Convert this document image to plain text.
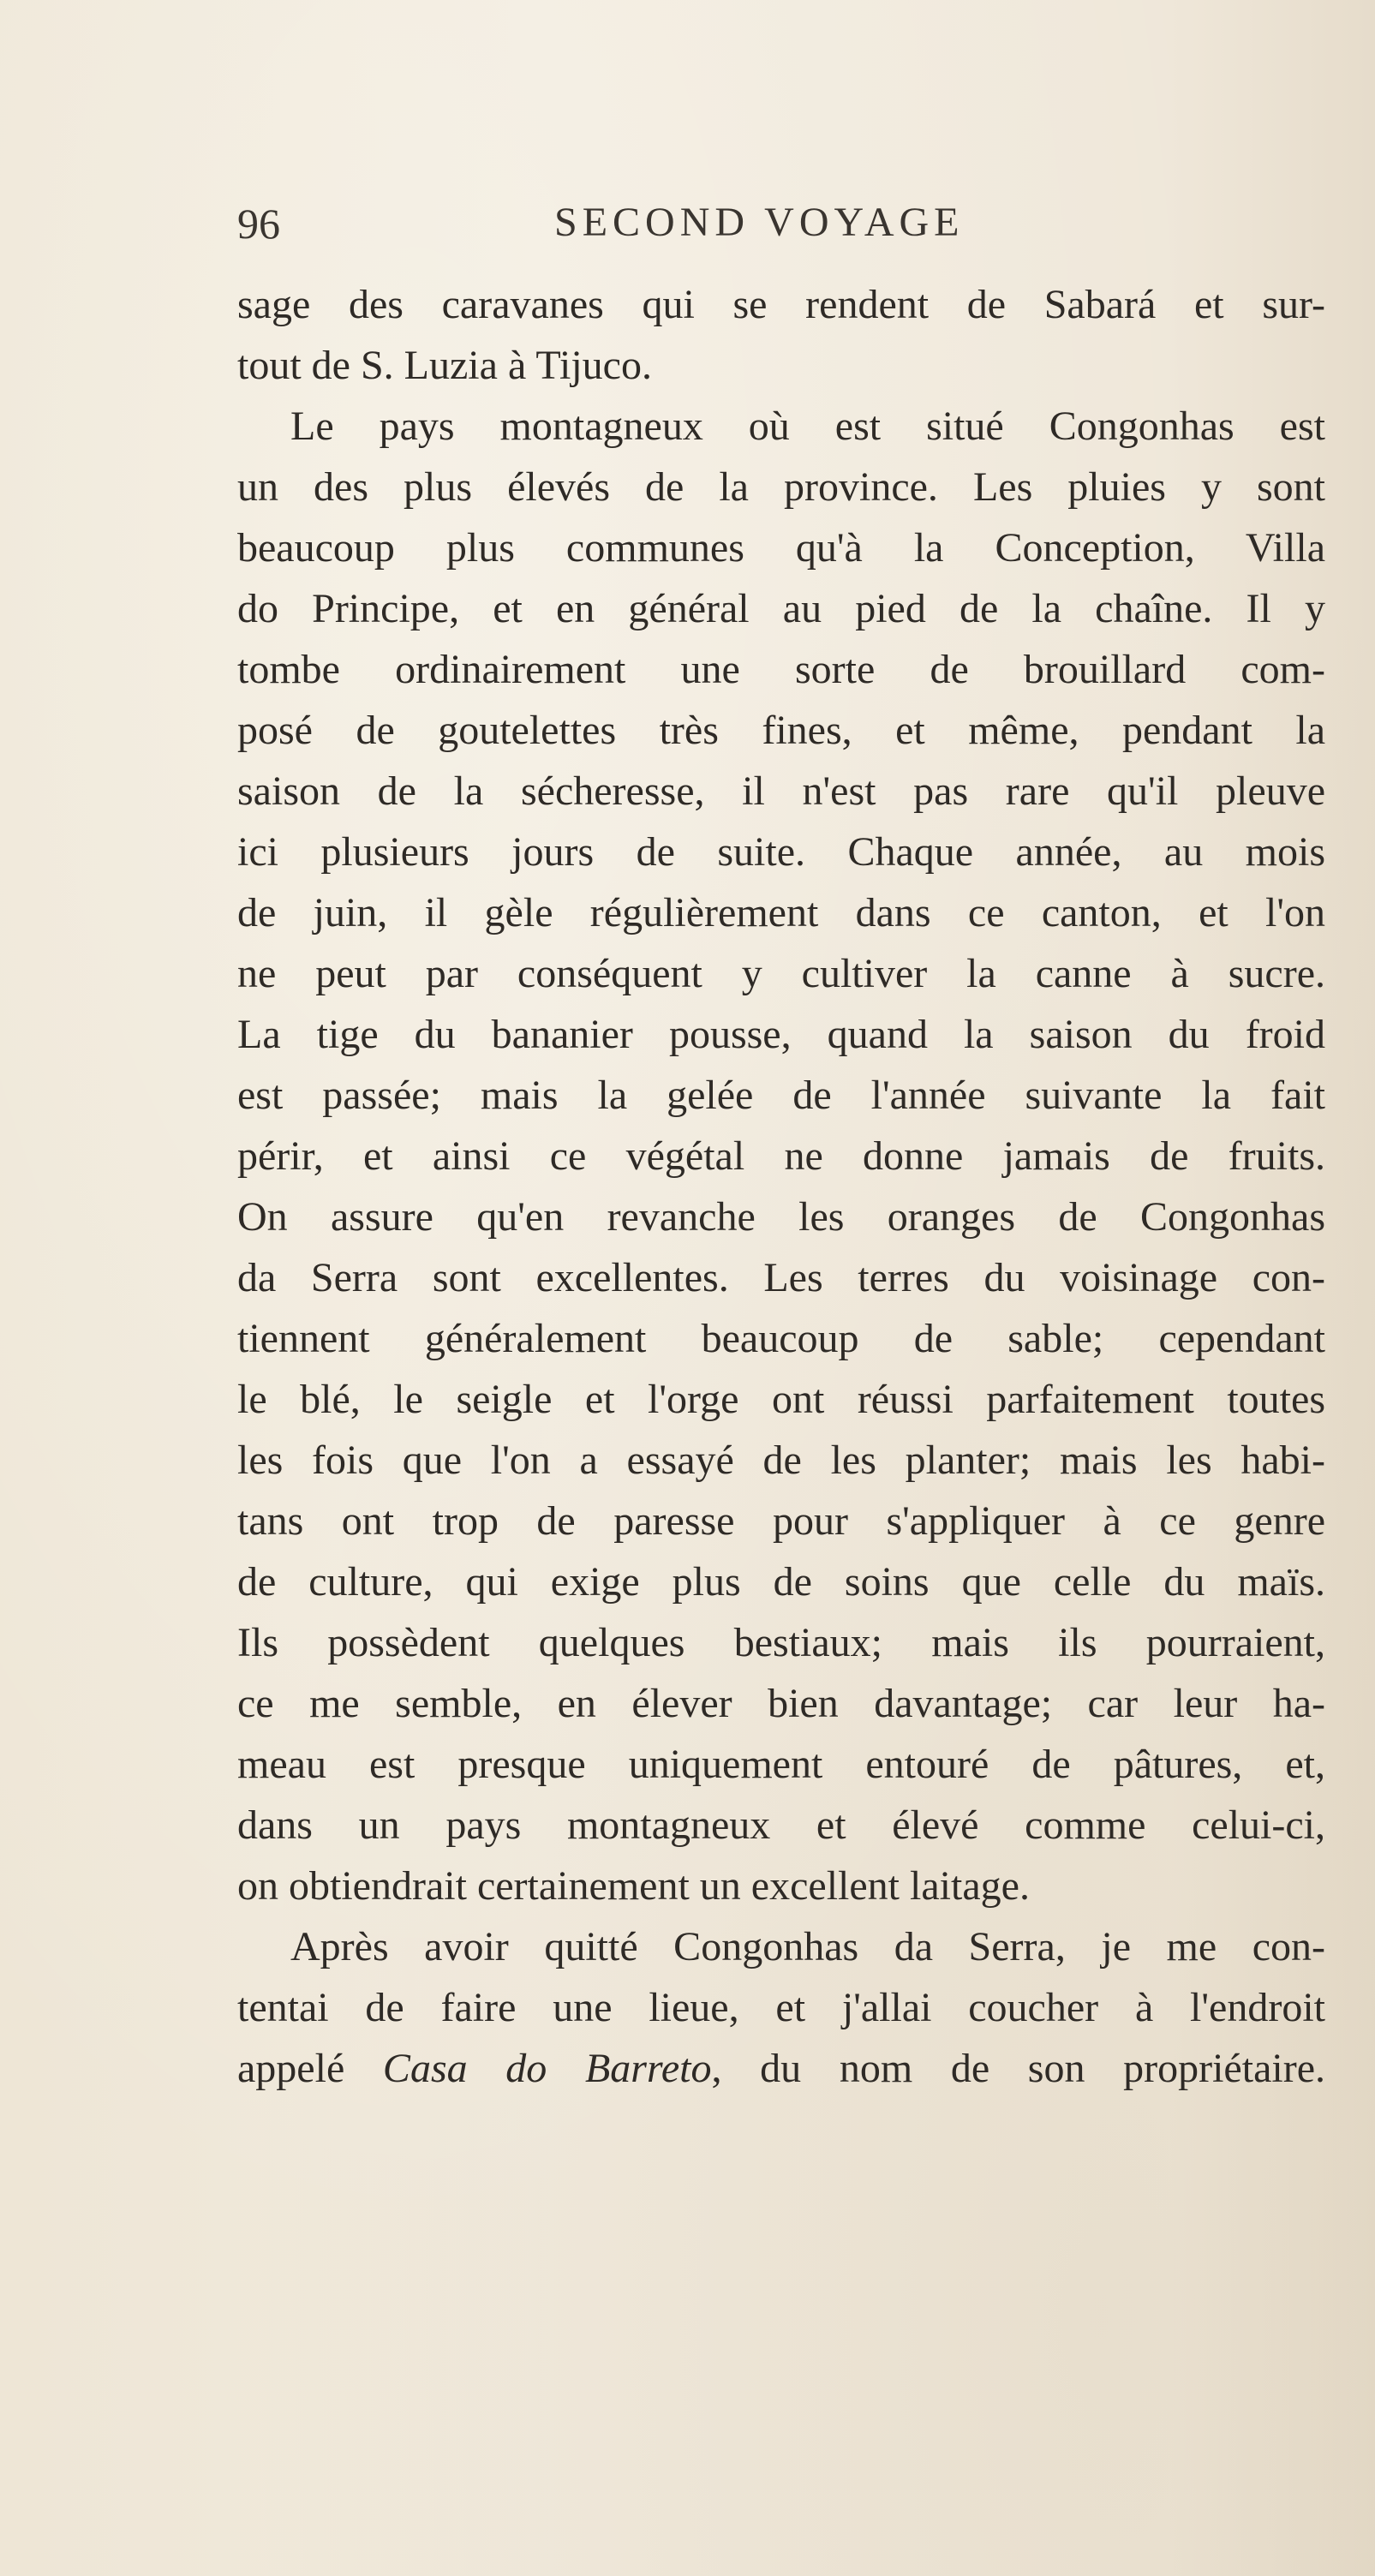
96	SECOND VOYAGE
sage des caravanes qui se rendent de Sabará et sur-
tout de S. Luzia à Tijuco.
Le pays montagneux où est situé Congonhas est
un des plus élevés de la province. Les pluies y sont
beaucoup plus communes qu'à la Conception, Villa
do Principe, et en général au pied de la chaîne. Il y
tombe ordinairement une sorte de brouillard com-
posé de goutelettes très fines, et même, pendant la
saison de la sécheresse, il n'est pas rare qu'il pleuve
ici plusieurs jours de suite. Chaque année, au mois
de juin, il gèle régulièrement dans ce canton, et l'on
ne peut par conséquent y cultiver la canne à sucre.
La tige du bananier pousse, quand la saison du froid
est passée; mais la gelée de l'année suivante la fait
périr, et ainsi ce végétal ne donne jamais de fruits.
On assure qu'en revanche les oranges de Congonhas
da Serra sont excellentes. Les terres du voisinage con-
tiennent généralement beaucoup de sable; cependant
le blé, le seigle et l'orge ont réussi parfaitement toutes
les fois que l'on a essayé de les planter; mais les habi-
tans ont trop de paresse pour s'appliquer à ce genre
de culture, qui exige plus de soins que celle du maïs.
Ils possèdent quelques bestiaux; mais ils pourraient,
ce me semble, en élever bien davantage; car leur ha-
meau est presque uniquement entouré de pâtures, et,
dans un pays montagneux et élevé comme celui-ci,
on obtiendrait certainement un excellent laitage.
Après avoir quitté Congonhas da Serra, je me con-
tentai de faire une lieue, et j'allai coucher à l'endroit
appelé Casa do Barreto, du nom de son propriétaire.
